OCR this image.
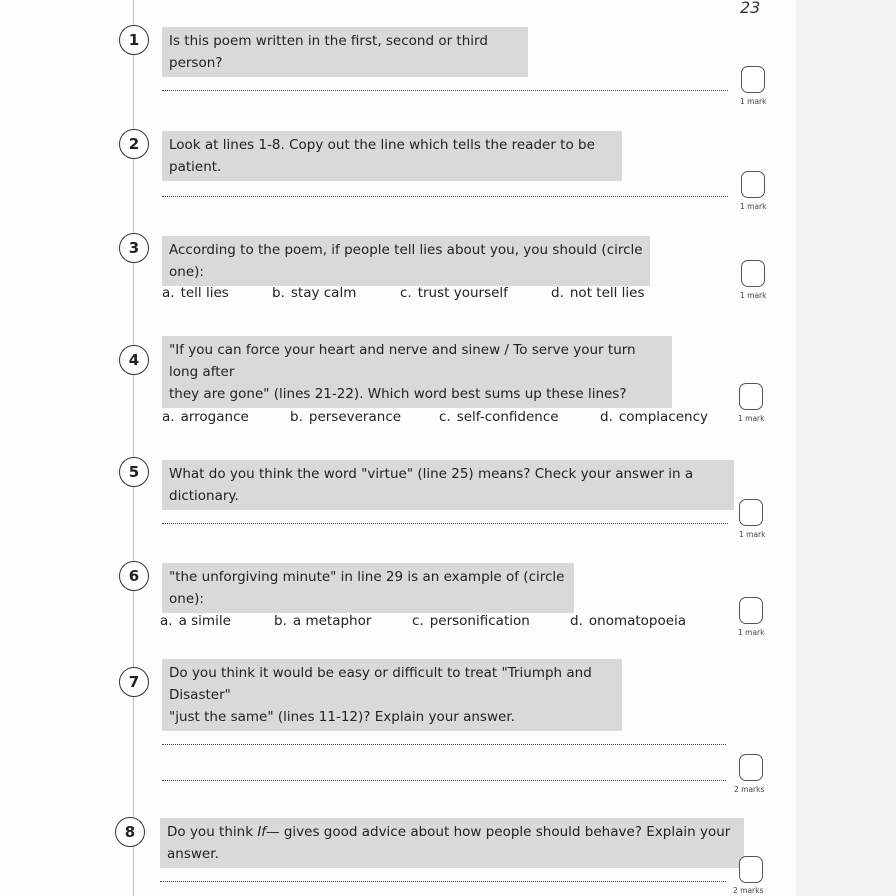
23
1	Is this poem written in the first, second or third person?
1 mark
2	Look at lines 1-8. Copy out the line which tells the reader to be patient.
1 mark
3	According to the poem, if people tell lies about you, you should (circle one):
a. tell lies	b. stay calm	c. trust yourself	d. not tell lies	1 mark
4
"If you can force your heart and nerve and sinew / To serve your turn long after
they are gone" (lines 21-22). Which word best sums up these lines?
a. arrogance	b. perseverance	c. self-confidence	d. complacency	1 mark
5	What do you think the word "virtue" (line 25) means? Check your answer in a dictionary.
1 mark
6	"the unforgiving minute" in line 29 is an example of (circle one):
a. a simile	b. a metaphor	c. personification	d. onomatopoeia
1 mark
7	Do you think it would be easy or difficult to treat "Triumph and Disaster"
"just the same" (lines 11-12)? Explain your answer.
2 marks
8	Do you think If— gives good advice about how people should behave? Explain your answer.
2 marks
